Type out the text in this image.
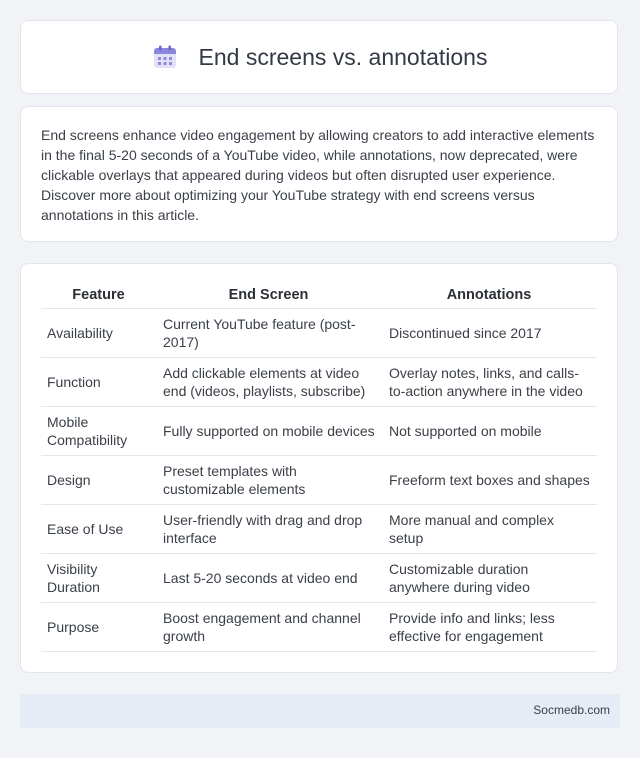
End screens vs. annotations

End screens enhance video engagement by allowing creators to add interactive elements in the final 5-20 seconds of a YouTube video, while annotations, now deprecated, were clickable overlays that appeared during videos but often disrupted user experience. Discover more about optimizing your YouTube strategy with end screens versus annotations in this article.

Feature	End Screen	Annotations
Availability	Current YouTube feature (post-2017)	Discontinued since 2017
Function	Add clickable elements at video end (videos, playlists, subscribe)	Overlay notes, links, and calls-to-action anywhere in the video
Mobile Compatibility	Fully supported on mobile devices	Not supported on mobile
Design	Preset templates with customizable elements	Freeform text boxes and shapes
Ease of Use	User-friendly with drag and drop interface	More manual and complex setup
Visibility Duration	Last 5-20 seconds at video end	Customizable duration anywhere during video
Purpose	Boost engagement and channel growth	Provide info and links; less effective for engagement
Socmedb.com
